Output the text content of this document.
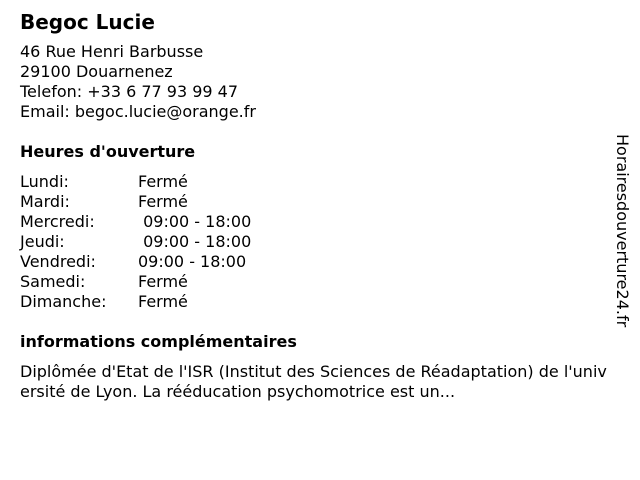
Begoc Lucie
46 Rue Henri Barbusse
29100 Douarnenez
Telefon: +33 6 77 93 99 47
Email: begoc.lucie@orange.fr
Heures d'ouverture
Lundi:	Fermé
Mardi:	Fermé
Mercredi:	09:00 - 18:00
Jeudi:	09:00 - 18:00
Vendredi:	09:00 - 18:00
Samedi:	Fermé
Dimanche:	Fermé
informations complémentaires
Diplômée d'Etat de l'ISR (Institut des Sciences de Réadaptation) de l'université de Lyon. La rééducation psychomotrice est un...
Horairesdouverture24.fr
